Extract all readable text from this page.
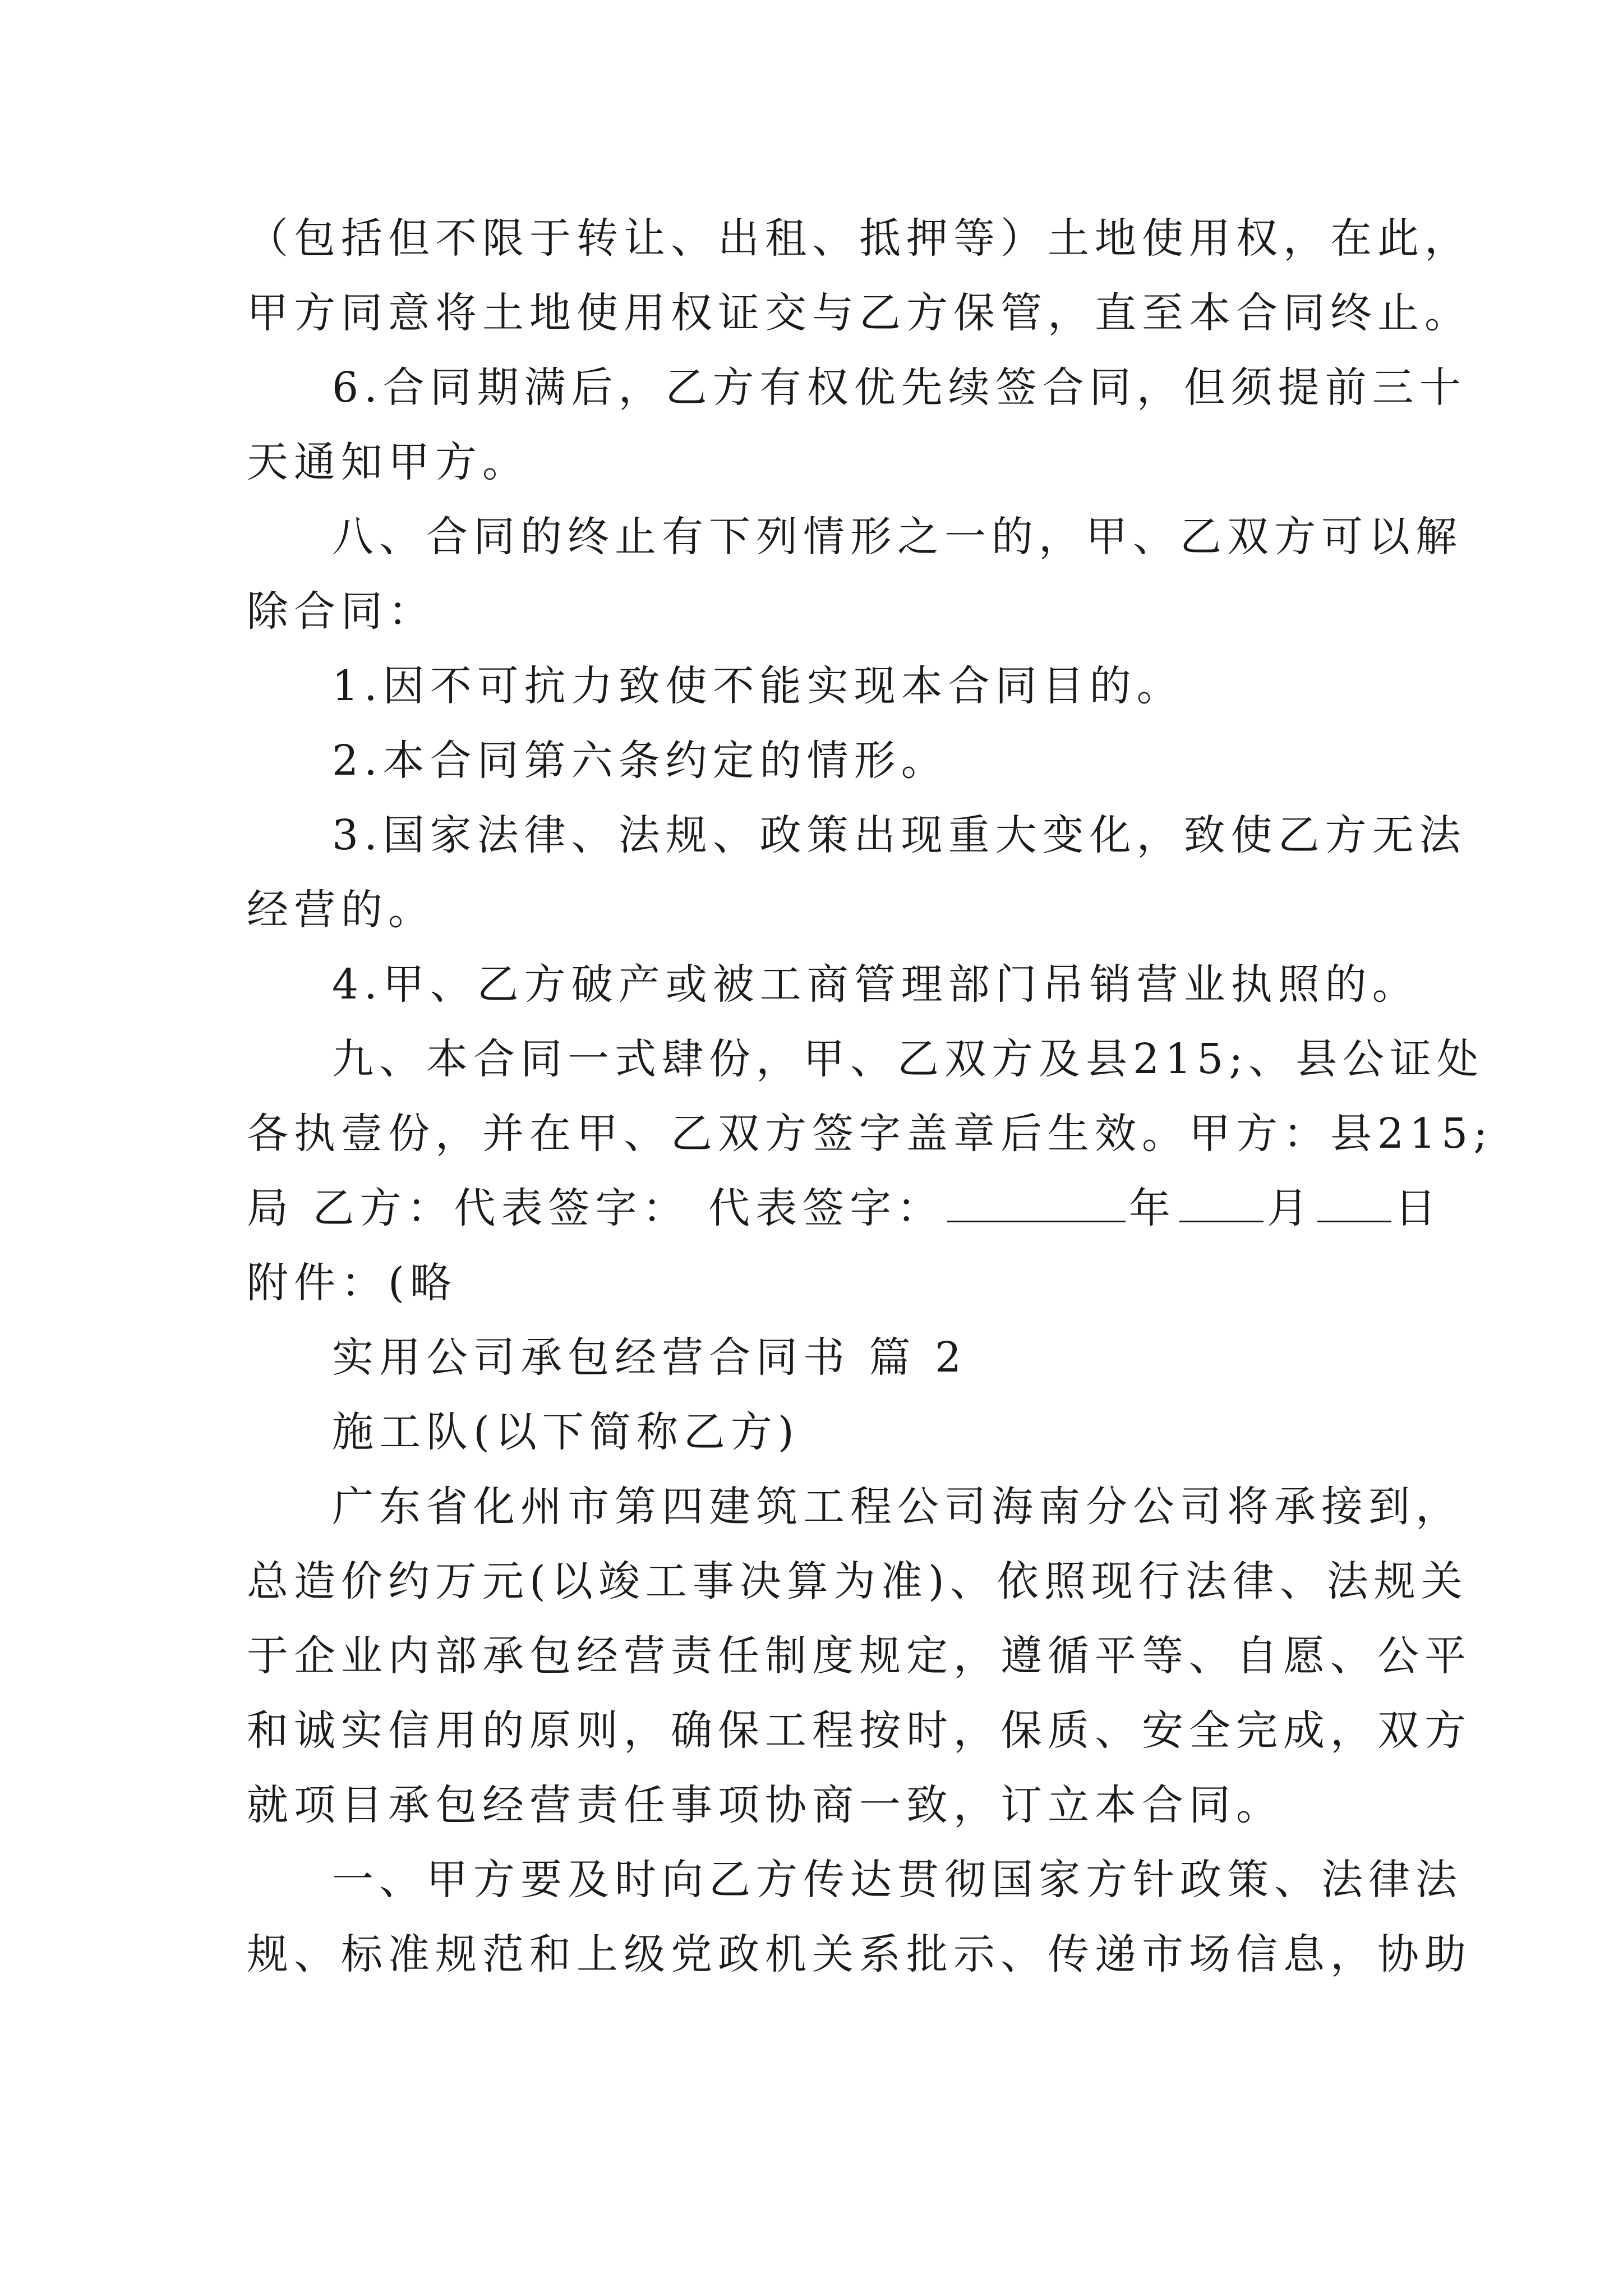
（包括但不限于转让、出租、抵押等）土地使用权，在此，
甲方同意将土地使用权证交与乙方保管，直至本合同终止。
6.合同期满后，乙方有权优先续签合同，但须提前三十
天通知甲方。
八、合同的终止有下列情形之一的，甲、乙双方可以解
除合同：
1.因不可抗力致使不能实现本合同目的。
2.本合同第六条约定的情形。
3.国家法律、法规、政策出现重大变化，致使乙方无法
经营的。
4.甲、乙方破产或被工商管理部门吊销营业执照的。
九、本合同一式肆份，甲、乙双方及县215;、县公证处
各执壹份，并在甲、乙双方签字盖章后生效。甲方：县215;
局 乙方：代表签字： 代表签字：	年 月 日
附件：(略
实用公司承包经营合同书 篇 2
施工队(以下简称乙方)
广东省化州市第四建筑工程公司海南分公司将承接到，
总造价约万元(以竣工事决算为准)、依照现行法律、法规关
于企业内部承包经营责任制度规定，遵循平等、自愿、公平
和诚实信用的原则，确保工程按时，保质、安全完成，双方
就项目承包经营责任事项协商一致，订立本合同。
一、甲方要及时向乙方传达贯彻国家方针政策、法律法
规、标准规范和上级党政机关系批示、传递市场信息，协助
